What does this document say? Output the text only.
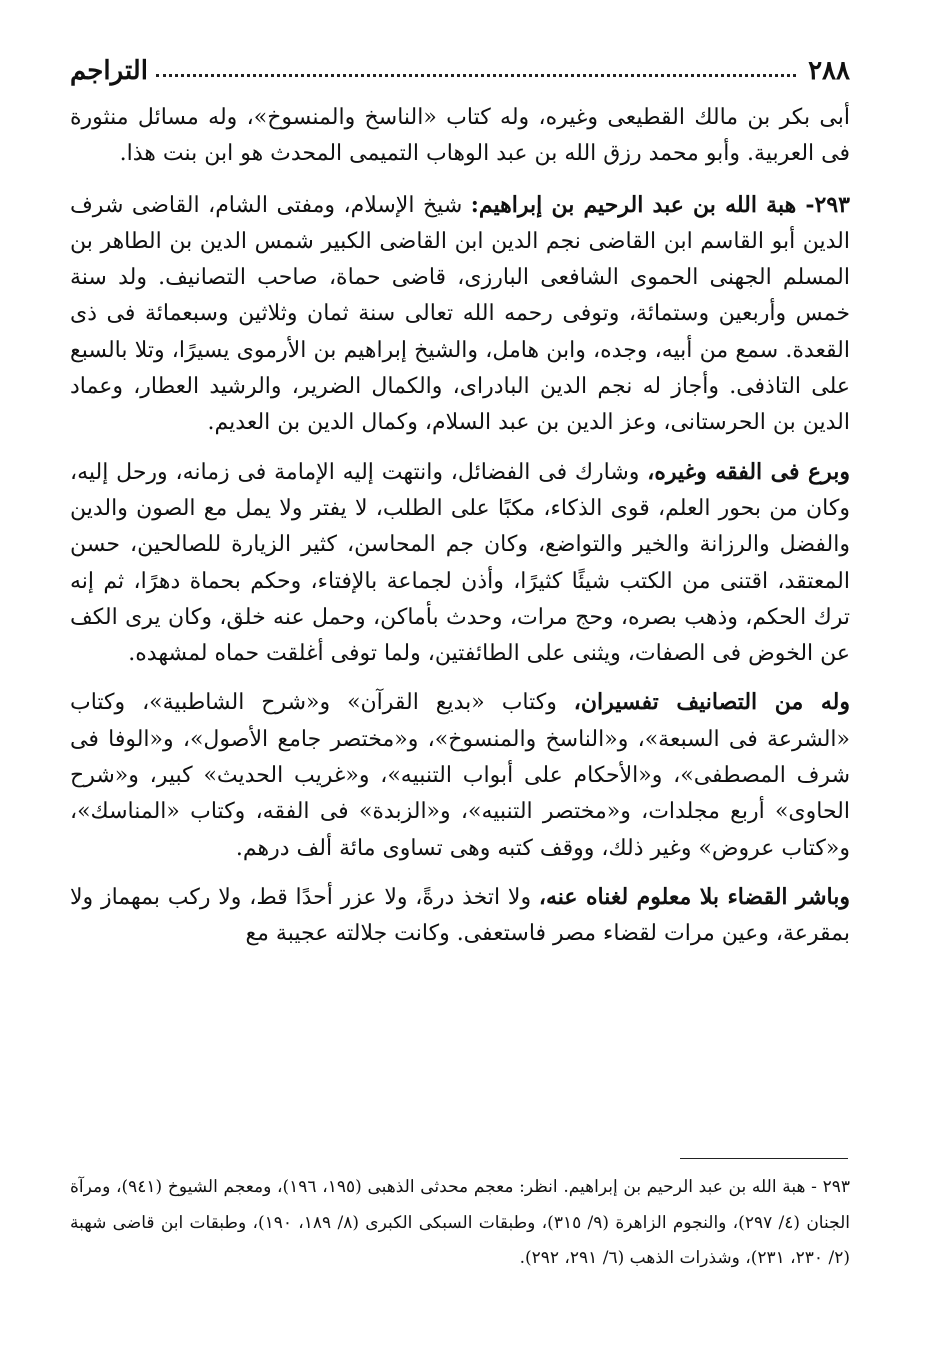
٢٨٨
التراجم

أبى بكر بن مالك القطيعى وغيره، وله كتاب «الناسخ والمنسوخ»، وله مسائل منثورة فى العربية. وأبو محمد رزق الله بن عبد الوهاب التميمى المحدث هو ابن بنت هذا.

٢٩٣- هبة الله بن عبد الرحيم بن إبراهيم: شيخ الإسلام، ومفتى الشام، القاضى شرف الدين أبو القاسم ابن القاضى نجم الدين ابن القاضى الكبير شمس الدين بن الطاهر بن المسلم الجهنى الحموى الشافعى البارزى، قاضى حماة، صاحب التصانيف. ولد سنة خمس وأربعين وستمائة، وتوفى رحمه الله تعالى سنة ثمان وثلاثين وسبعمائة فى ذى القعدة. سمع من أبيه، وجده، وابن هامل، والشيخ إبراهيم بن الأرموى يسيرًا، وتلا بالسبع على التاذفى. وأجاز له نجم الدين البادراى، والكمال الضرير، والرشيد العطار، وعماد الدين بن الحرستانى، وعز الدين بن عبد السلام، وكمال الدين بن العديم.

وبرع فى الفقه وغيره، وشارك فى الفضائل، وانتهت إليه الإمامة فى زمانه، ورحل إليه، وكان من بحور العلم، قوى الذكاء، مكبًا على الطلب، لا يفتر ولا يمل مع الصون والدين والفضل والرزانة والخير والتواضع، وكان جم المحاسن، كثير الزيارة للصالحين، حسن المعتقد، اقتنى من الكتب شيئًا كثيرًا، وأذن لجماعة بالإفتاء، وحكم بحماة دهرًا، ثم إنه ترك الحكم، وذهب بصره، وحج مرات، وحدث بأماكن، وحمل عنه خلق، وكان يرى الكف عن الخوض فى الصفات، ويثنى على الطائفتين، ولما توفى أغلقت حماه لمشهده.

وله من التصانيف تفسيران، وكتاب «بديع القرآن» و«شرح الشاطبية»، وكتاب «الشرعة فى السبعة»، و«الناسخ والمنسوخ»، و«مختصر جامع الأصول»، و«الوفا فى شرف المصطفى»، و«الأحكام على أبواب التنبيه»، و«غريب الحديث» كبير، و«شرح الحاوى» أربع مجلدات، و«مختصر التنبيه»، و«الزبدة» فى الفقه، وكتاب «المناسك»، و«كتاب عروض» وغير ذلك، ووقف كتبه وهى تساوى مائة ألف درهم.

وباشر القضاء بلا معلوم لغناه عنه، ولا اتخذ درةً، ولا عزر أحدًا قط، ولا ركب بمهماز ولا بمقرعة، وعين مرات لقضاء مصر فاستعفى. وكانت جلالته عجيبة مع

٢٩٣ - هبة الله بن عبد الرحيم بن إبراهيم. انظر: معجم محدثى الذهبى (١٩٥، ١٩٦)، ومعجم الشيوخ (٩٤١)، ومرآة الجنان (٤/ ٢٩٧)، والنجوم الزاهرة (٩/ ٣١٥)، وطبقات السبكى الكبرى (٨/ ١٨٩، ١٩٠)، وطبقات ابن قاضى شهبة (٢/ ٢٣٠، ٢٣١)، وشذرات الذهب (٦/ ٢٩١، ٢٩٢).
